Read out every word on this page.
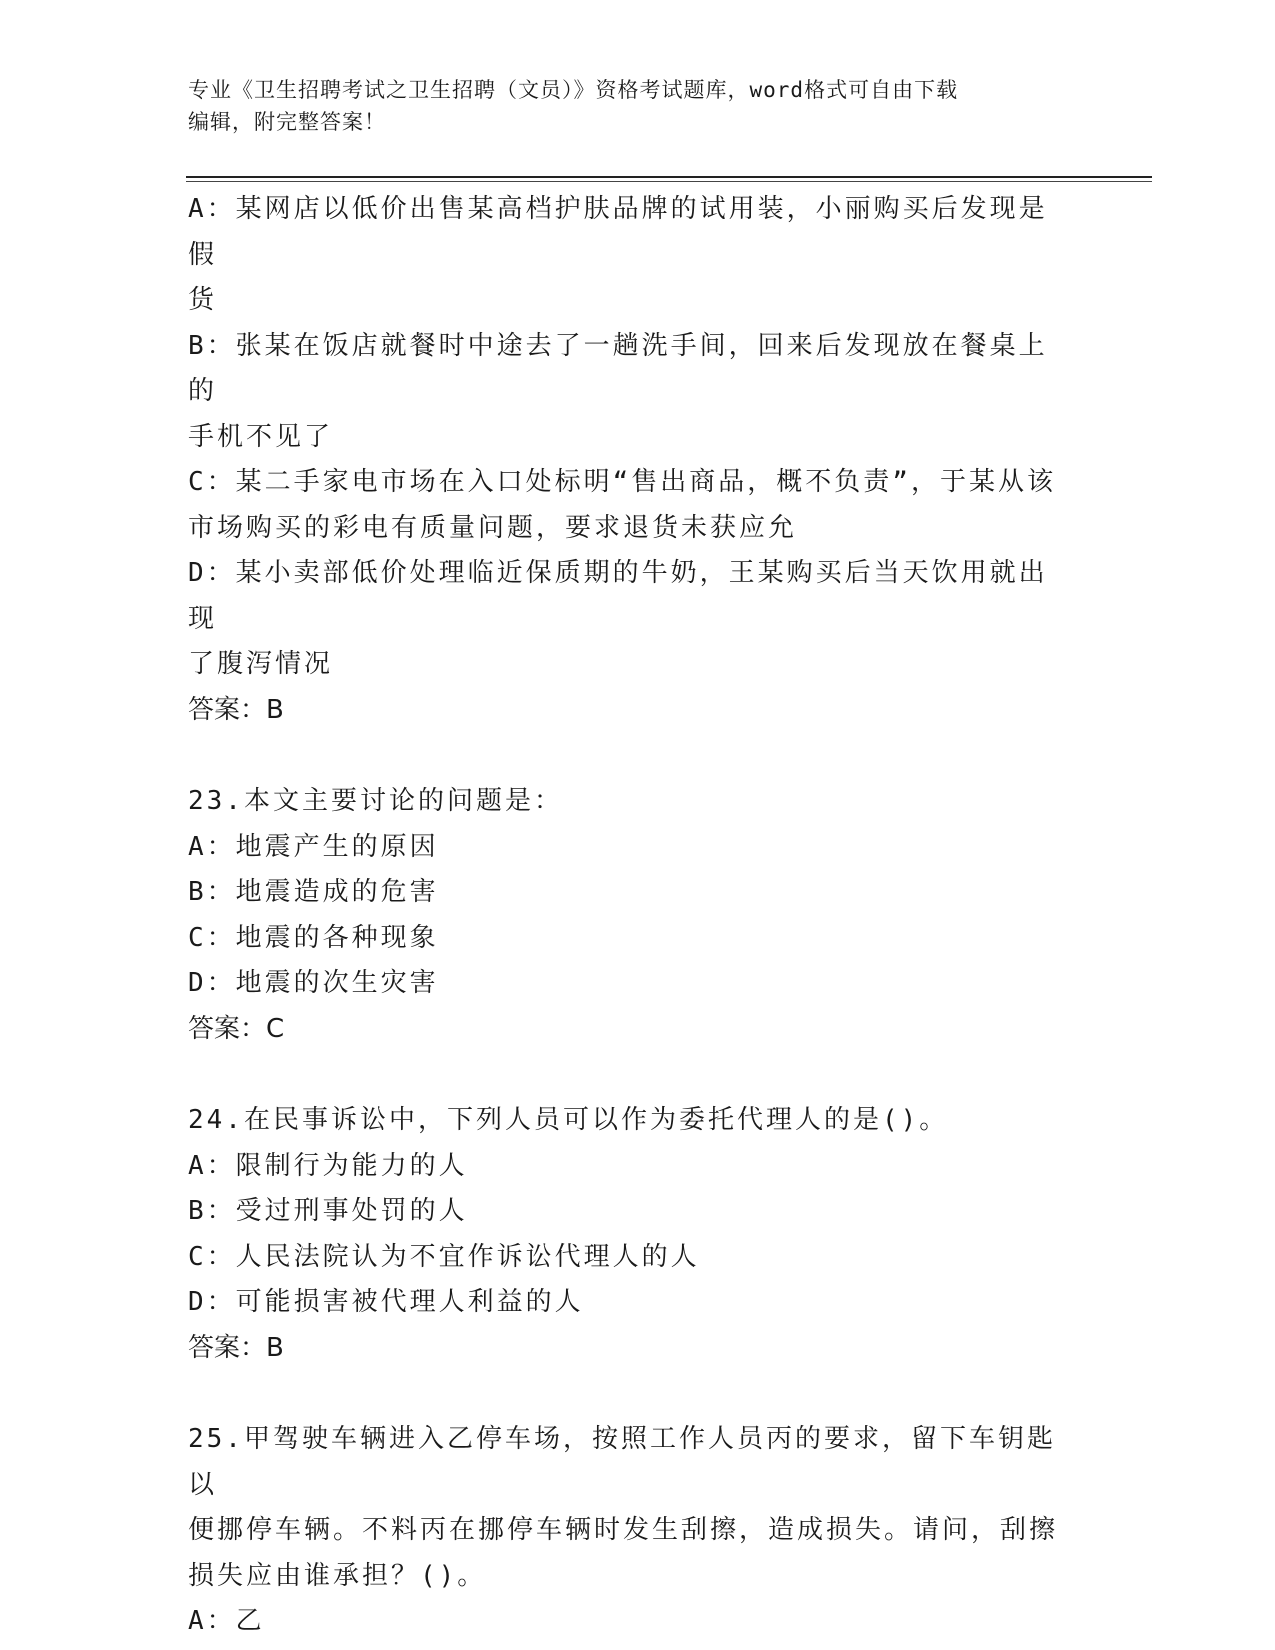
专业《卫生招聘考试之卫生招聘（文员）》资格考试题库，word格式可自由下载
编辑，附完整答案！

A：某网店以低价出售某高档护肤品牌的试用装，小丽购买后发现是假

货

B：张某在饭店就餐时中途去了一趟洗手间，回来后发现放在餐桌上的

手机不见了

C：某二手家电市场在入口处标明“售出商品，概不负责”，于某从该

市场购买的彩电有质量问题，要求退货未获应允

D：某小卖部低价处理临近保质期的牛奶，王某购买后当天饮用就出现

了腹泻情况

答案：B

23.本文主要讨论的问题是：

A：地震产生的原因

B：地震造成的危害

C：地震的各种现象

D：地震的次生灾害

答案：C

24.在民事诉讼中，下列人员可以作为委托代理人的是()。

A：限制行为能力的人

B：受过刑事处罚的人

C：人民法院认为不宜作诉讼代理人的人

D：可能损害被代理人利益的人

答案：B

25.甲驾驶车辆进入乙停车场，按照工作人员丙的要求，留下车钥匙以

便挪停车辆。不料丙在挪停车辆时发生刮擦，造成损失。请问，刮擦

损失应由谁承担？()。

A：乙
